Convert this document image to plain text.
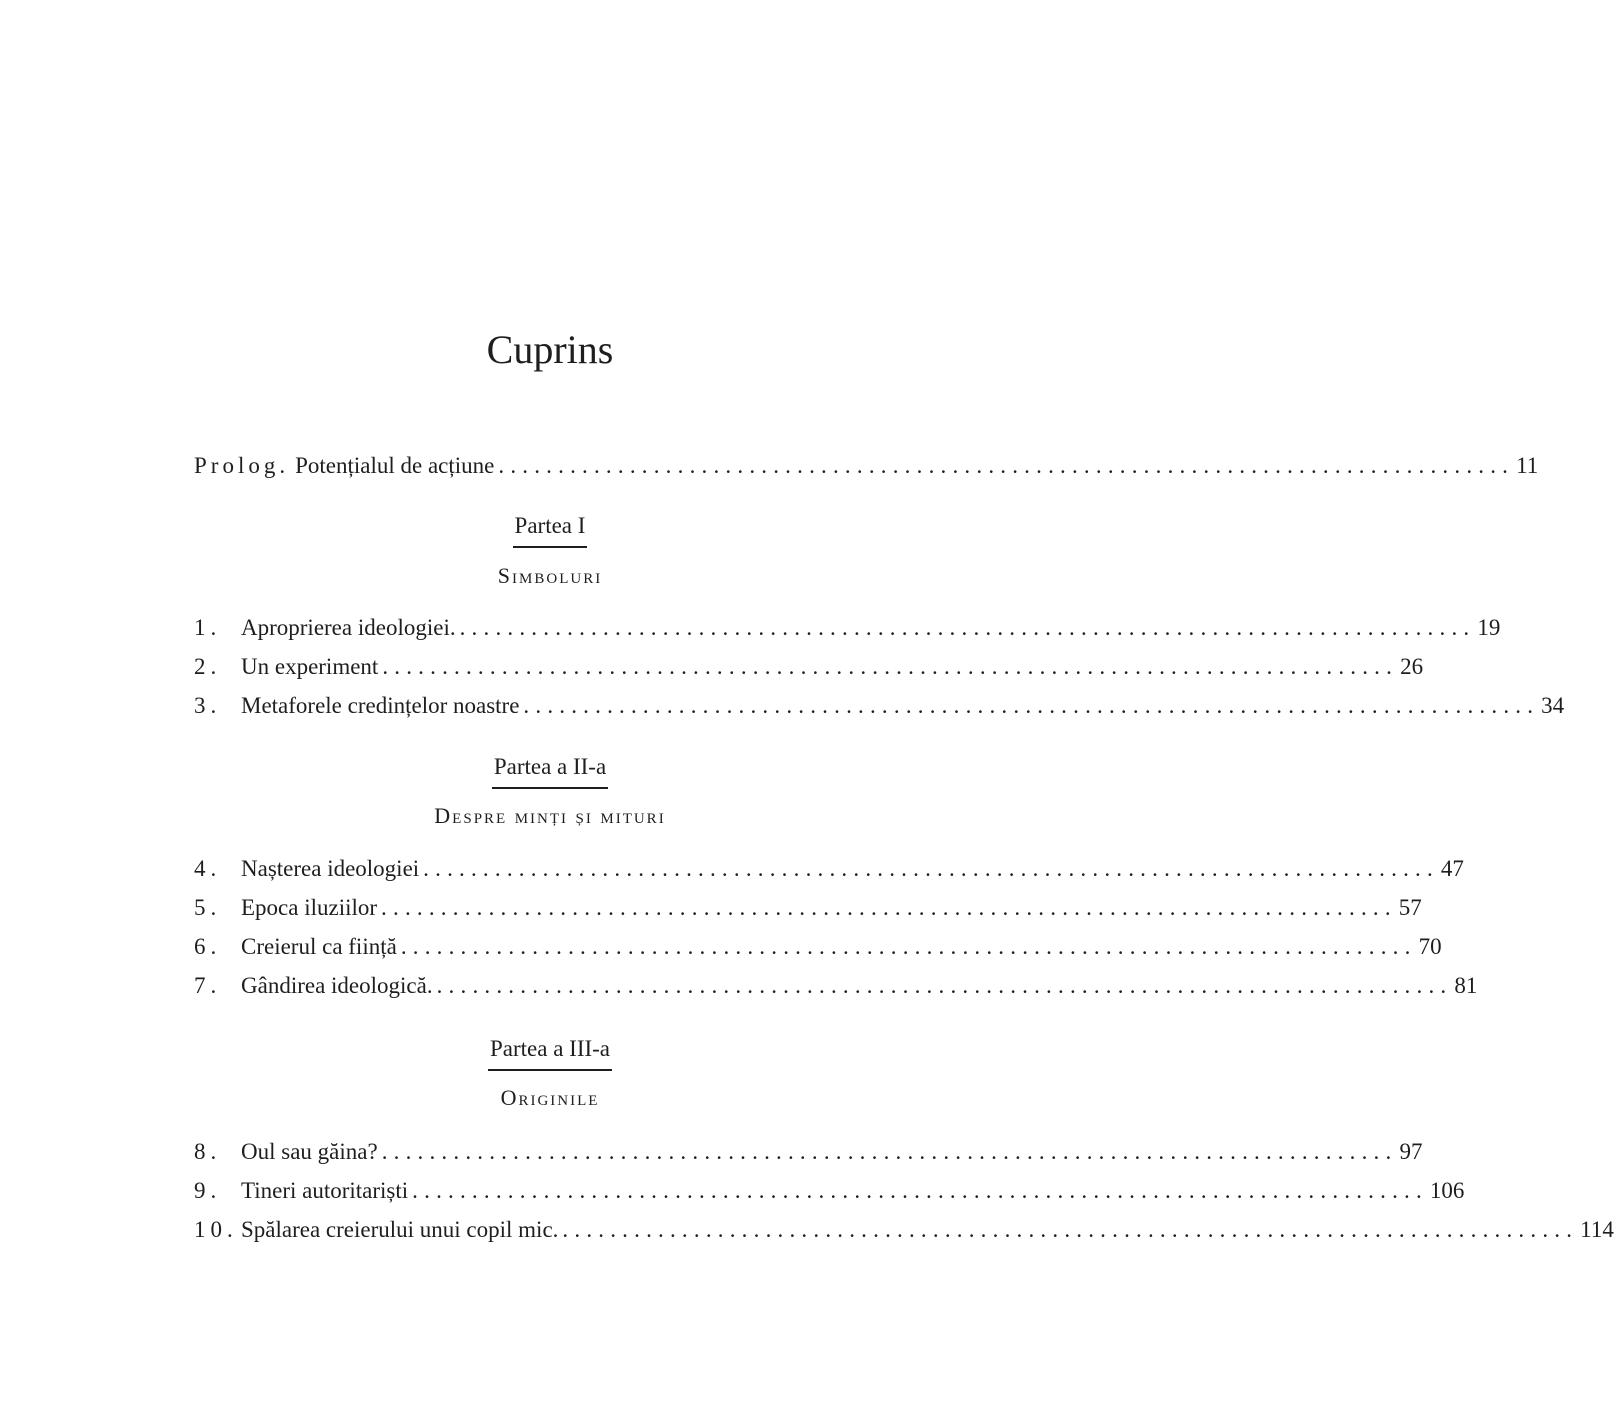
Cuprins
Prolog. Potențialul de acțiune ..................................................................................... 11
Partea I
Simboluri
1. Aproprierea ideologiei. ..................................................................................... 19
2. Un experiment ..................................................................................... 26
3. Metaforele credințelor noastre ..................................................................................... 34
Partea a II-a
Despre minți și mituri
4. Nașterea ideologiei ..................................................................................... 47
5. Epoca iluziilor ..................................................................................... 57
6. Creierul ca ființă ..................................................................................... 70
7. Gândirea ideologică. ..................................................................................... 81
Partea a III-a
Originile
8. Oul sau găina? ..................................................................................... 97
9. Tineri autoritariști ..................................................................................... 106
10. Spălarea creierului unui copil mic. ..................................................................................... 114
